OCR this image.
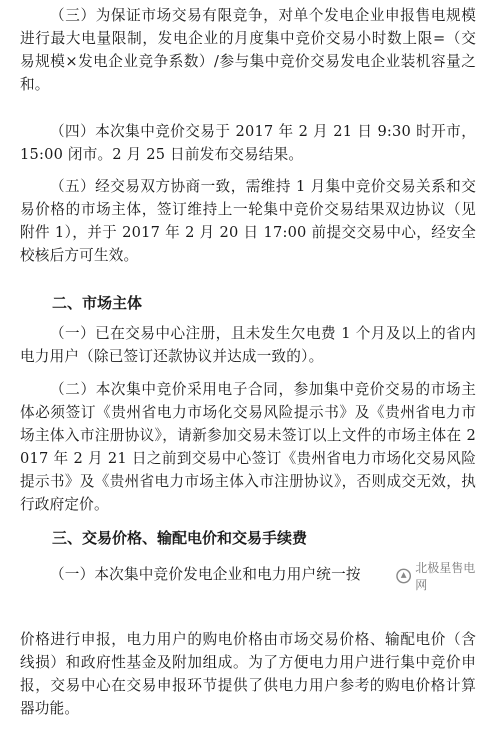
（三）为保证市场交易有限竞争，对单个发电企业申报售电规模进行最大电量限制，发电企业的月度集中竞价交易小时数上限=（交易规模×发电企业竞争系数）/参与集中竞价交易发电企业装机容量之和。

（四）本次集中竞价交易于 2017 年 2 月 21 日 9:30 时开市，15:00 闭市。2 月 25 日前发布交易结果。

（五）经交易双方协商一致，需维持 1 月集中竞价交易关系和交易价格的市场主体，签订维持上一轮集中竞价交易结果双边协议（见附件 1），并于 2017 年 2 月 20 日 17:00 前提交交易中心，经安全校核后方可生效。

二、市场主体

（一）已在交易中心注册，且未发生欠电费 1 个月及以上的省内电力用户（除已签订还款协议并达成一致的）。

（二）本次集中竞价采用电子合同，参加集中竞价交易的市场主体必须签订《贵州省电力市场化交易风险提示书》及《贵州省电力市场主体入市注册协议》，请新参加交易未签订以上文件的市场主体在 2017 年 2 月 21 日之前到交易中心签订《贵州省电力市场化交易风险提示书》及《贵州省电力市场主体入市注册协议》，否则成交无效，执行政府定价。

三、交易价格、输配电价和交易手续费

（一）本次集中竞价发电企业和电力用户统一按	北极星售电网

价格进行申报，电力用户的购电价格由市场交易价格、输配电价（含线损）和政府性基金及附加组成。为了方便电力用户进行集中竞价申报，交易中心在交易申报环节提供了供电力用户参考的购电价格计算器功能。
